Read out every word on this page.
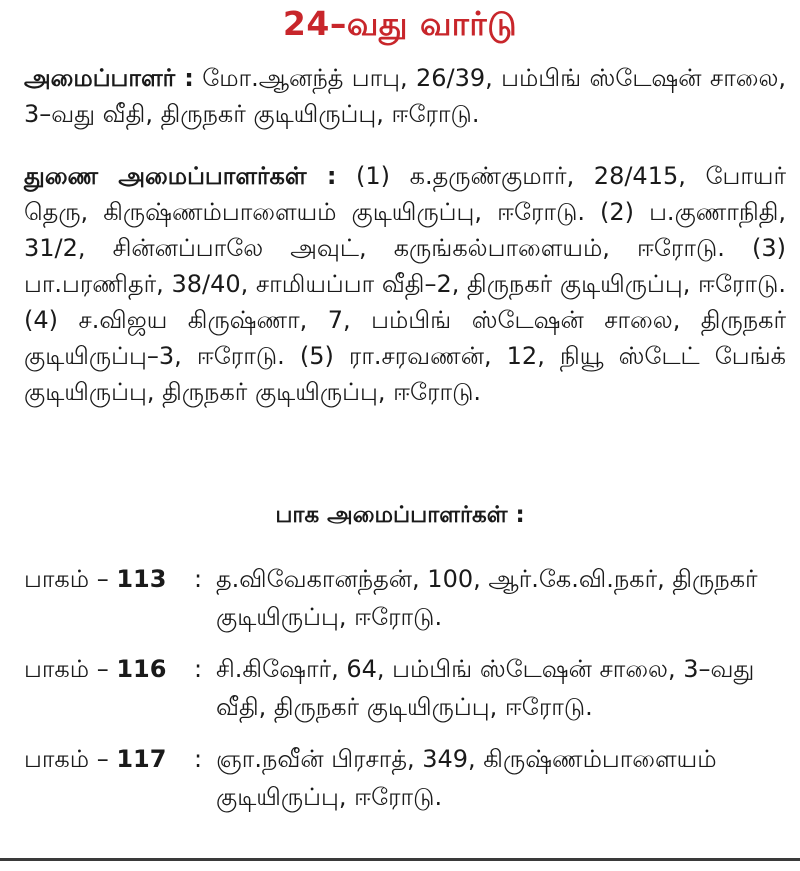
24–வது வார்டு

அமைப்பாளர் : மோ.ஆனந்த் பாபு, 26/39, பம்பிங் ஸ்டேஷன் சாலை, 3–வது வீதி, திருநகர் குடியிருப்பு, ஈரோடு.

துணை அமைப்பாளர்கள் : (1) க.தருண்குமார், 28/415, போயர் தெரு, கிருஷ்ணம்பாளையம் குடியிருப்பு, ஈரோடு. (2) ப.குணாநிதி, 31/2, சின்னப்பாலே அவுட், கருங்கல்பாளையம், ஈரோடு. (3) பா.பரணிதர், 38/40, சாமியப்பா வீதி–2, திருநகர் குடியிருப்பு, ஈரோடு. (4) ச.விஜய கிருஷ்ணா, 7, பம்பிங் ஸ்டேஷன் சாலை, திருநகர் குடியிருப்பு–3, ஈரோடு. (5) ரா.சரவணன், 12, நியூ ஸ்டேட் பேங்க் குடியிருப்பு, திருநகர் குடியிருப்பு, ஈரோடு.

பாக அமைப்பாளர்கள் :
பாகம் – 113	: த.விவேகானந்தன், 100, ஆர்.கே.வி.நகர், திருநகர் குடியிருப்பு, ஈரோடு.
பாகம் – 116	: சி.கிஷோர், 64, பம்பிங் ஸ்டேஷன் சாலை, 3–வது வீதி, திருநகர் குடியிருப்பு, ஈரோடு.
பாகம் – 117	: ஞா.நவீன் பிரசாத், 349, கிருஷ்ணம்பாளையம் குடியிருப்பு, ஈரோடு.
